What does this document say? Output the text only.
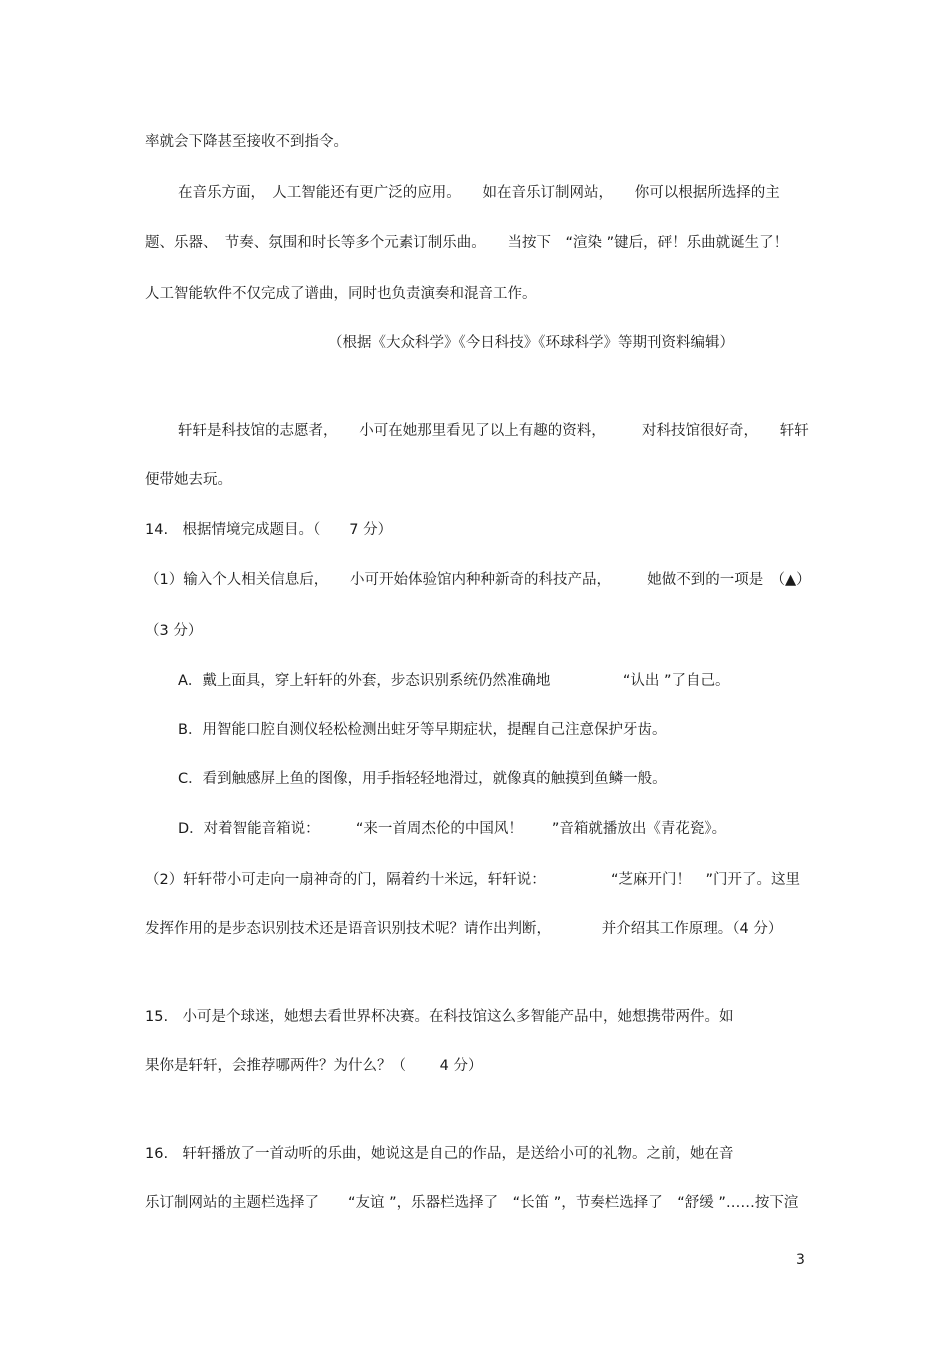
率就会下降甚至接收不到指令。
在音乐方面，　人工智能还有更广泛的应用。　　如在音乐订制网站，　　你可以根据所选择的主
题、乐器、　节奏、氛围和时长等多个元素订制乐曲。　　当按下　“渲染 ”键后，砰！乐曲就诞生了！
人工智能软件不仅完成了谱曲，同时也负责演奏和混音工作。
（根据《大众科学》《今日科技》《环球科学》等期刊资料编辑）
轩轩是科技馆的志愿者，　　小可在她那里看见了以上有趣的资料，　　　对科技馆很好奇，　　轩轩
便带她去玩。
14.　根据情境完成题目。（　　7 分）
（1）输入个人相关信息后，　　小可开始体验馆内种种新奇的科技产品，　　　她做不到的一项是　（▲）
（3 分）
A．戴上面具，穿上轩轩的外套，步态识别系统仍然准确地　　　　　“认出 ”了自己。
B．用智能口腔自测仪轻松检测出蛀牙等早期症状，提醒自己注意保护牙齿。
C．看到触感屏上鱼的图像，用手指轻轻地滑过，就像真的触摸到鱼鳞一般。
D．对着智能音箱说：　　　“来一首周杰伦的中国风！　　”音箱就播放出《青花瓷》。
（2）轩轩带小可走向一扇神奇的门，隔着约十米远，轩轩说：　　　　　“芝麻开门！　”门开了。这里
发挥作用的是步态识别技术还是语音识别技术呢？请作出判断，　　　　并介绍其工作原理。（4 分）
15.　小可是个球迷，她想去看世界杯决赛。在科技馆这么多智能产品中，她想携带两件。如
果你是轩轩，会推荐哪两件？为什么？（　　 4 分）
16.　轩轩播放了一首动听的乐曲，她说这是自己的作品，是送给小可的礼物。之前，她在音
乐订制网站的主题栏选择了　　“友谊 ”，乐器栏选择了　“长笛 ”，节奏栏选择了　“舒缓 ”……按下渲
3
